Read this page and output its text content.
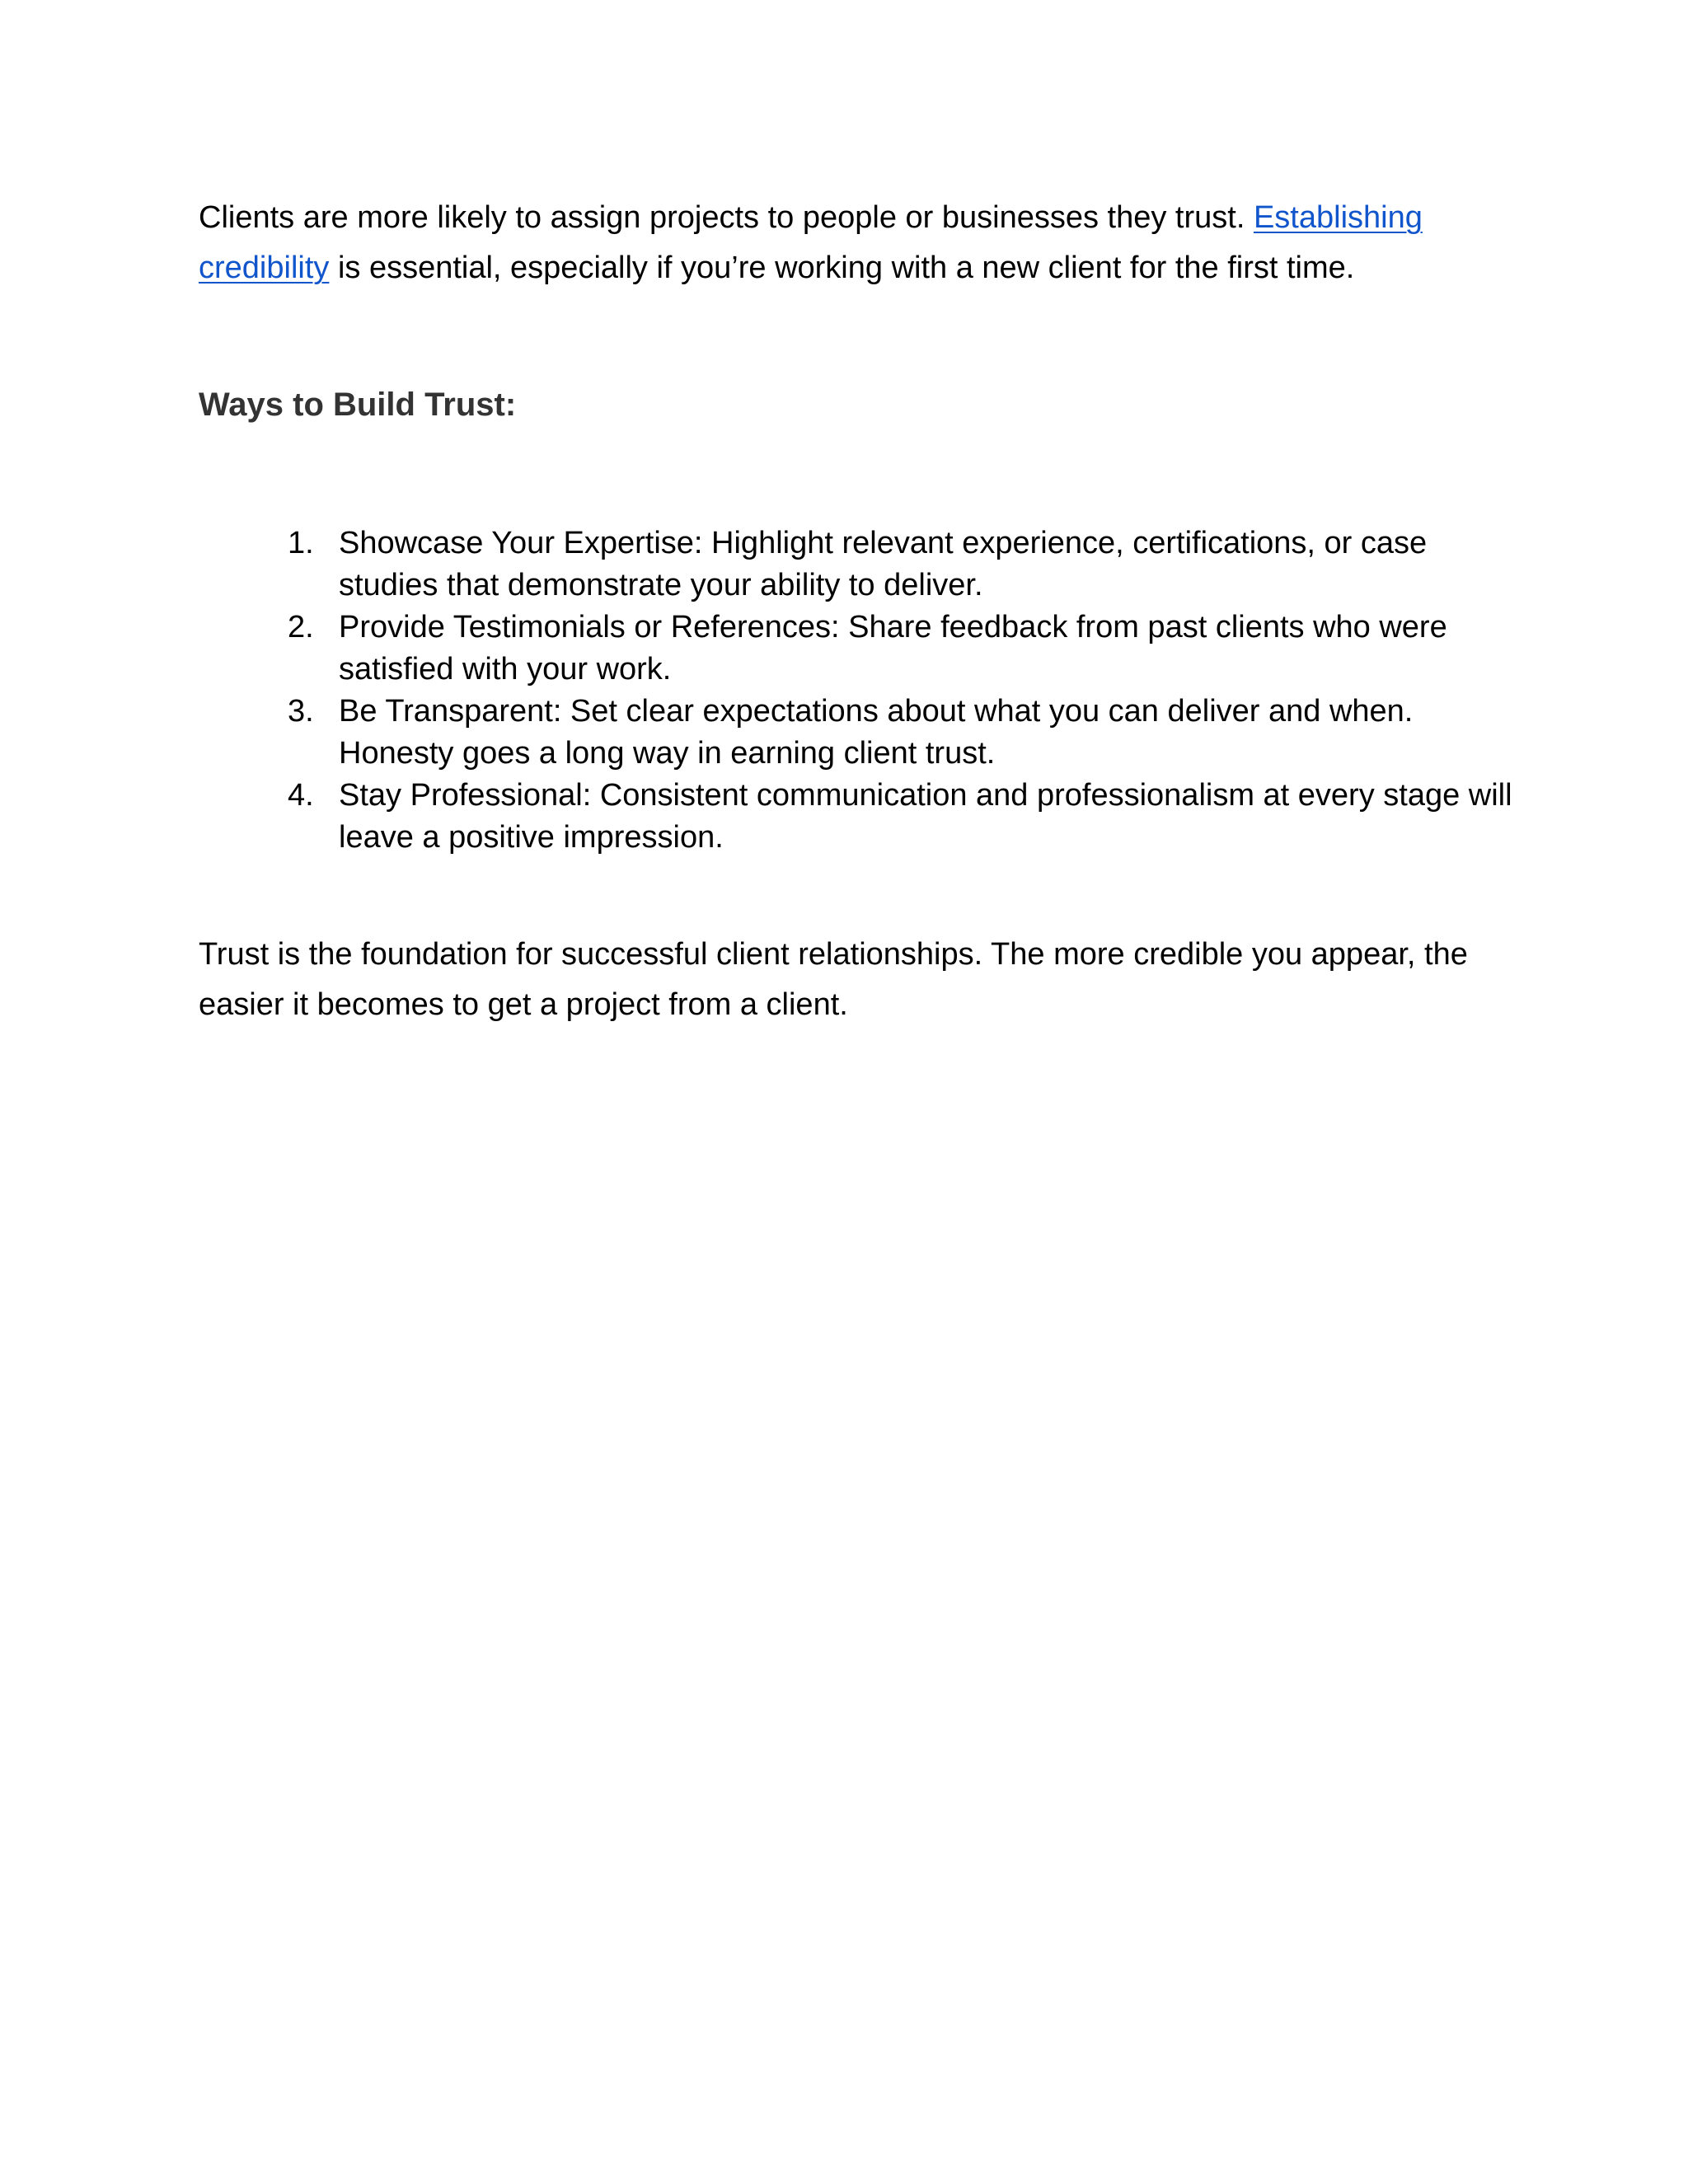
Clients are more likely to assign projects to people or businesses they trust. Establishing credibility is essential, especially if you’re working with a new client for the first time.

Ways to Build Trust:
1. Showcase Your Expertise: Highlight relevant experience, certifications, or case studies that demonstrate your ability to deliver.
2. Provide Testimonials or References: Share feedback from past clients who were satisfied with your work.
3. Be Transparent: Set clear expectations about what you can deliver and when. Honesty goes a long way in earning client trust.
4. Stay Professional: Consistent communication and professionalism at every stage will leave a positive impression.

Trust is the foundation for successful client relationships. The more credible you appear, the easier it becomes to get a project from a client.
